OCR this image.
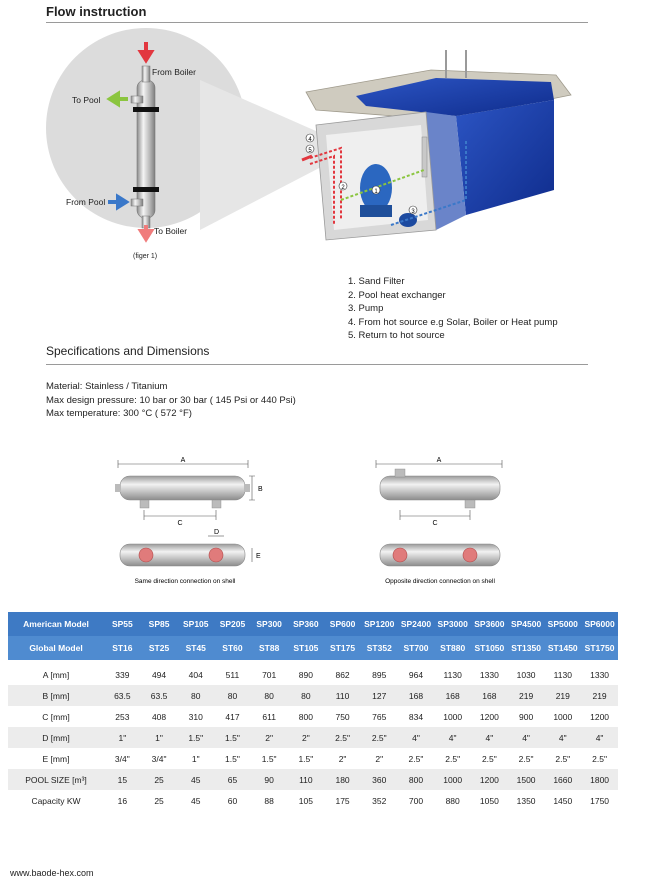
Flow instruction
From Boiler
To Pool
From Pool
To Boiler
(figer 1)
4
5
2
1
3
1. Sand Filter
2. Pool heat exchanger
3. Pump
4. From hot source e.g Solar, Boiler or Heat pump
5. Return to hot source
Specifications and Dimensions
Material: Stainless / Titanium
Max design pressure: 10 bar or 30 bar ( 145 Psi or 440 Psi)
Max temperature: 300 °C ( 572 °F)
A
B
C
D
E
A
C
Same direction connection on shell	Opposite direction connection on shell
American Model	SP55	SP85	SP105	SP205	SP300	SP360	SP600	SP1200	SP2400	SP3000	SP3600	SP4500	SP5000	SP6000
Global Model	ST16	ST25	ST45	ST60	ST88	ST105	ST175	ST352	ST700	ST880	ST1050	ST1350	ST1450	ST1750

A [mm]	339	494	404	511	701	890	862	895	964	1130	1330	1030	1130	1330
B [mm]	63.5	63.5	80	80	80	80	110	127	168	168	168	219	219	219
C [mm]	253	408	310	417	611	800	750	765	834	1000	1200	900	1000	1200
D [mm]	1"	1"	1.5"	1.5"	2"	2"	2.5"	2.5"	4"	4"	4"	4"	4"	4"
E [mm]	3/4"	3/4"	1"	1.5"	1.5"	1.5"	2"	2"	2.5"	2.5"	2.5"	2.5"	2.5"	2.5"
POOL SIZE [m³]	15	25	45	65	90	110	180	360	800	1000	1200	1500	1660	1800
Capacity KW	16	25	45	60	88	105	175	352	700	880	1050	1350	1450	1750
www.baode-hex.com
